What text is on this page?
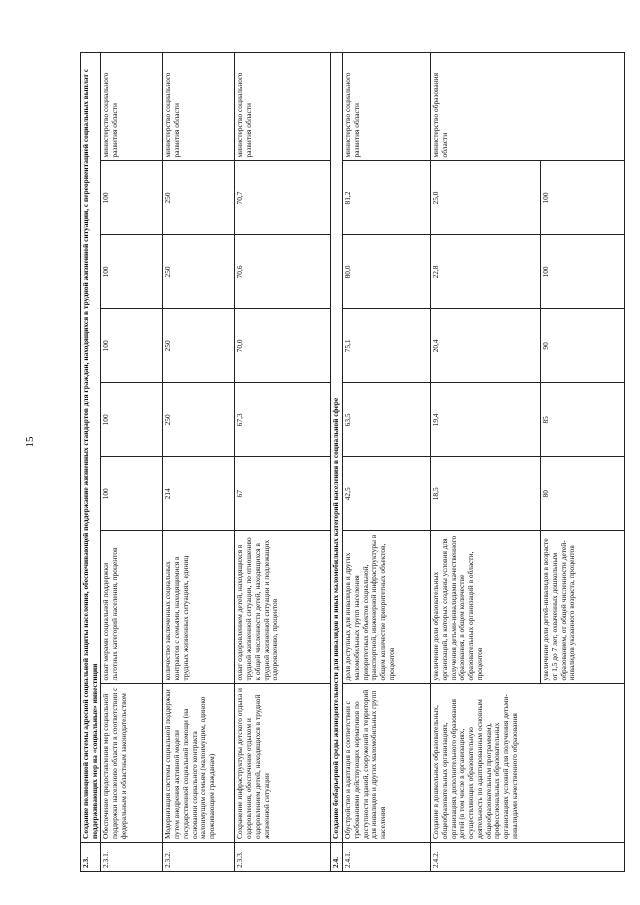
15
2.3.	Создание полноценной системы адресной социальной защиты населения, обеспечивающей поддержание жизненных стандартов для граждан, находящихся в трудной жизненной ситуации, с переориентацией социальных выплат с поддерживающих мер на «социальные» инвестиции							
2.3.1.	Обеспечение предоставления мер социальной поддержки населению области в соответствии с федеральным и областным законодательством	охват мерами социальной поддержки льготных категорий населения, процентов	100	100	100	100	100	министерство социального развития области
2.3.2.	Модернизация системы социальной поддержки путем внедрения активной модели государственной социальной помощи (на основании социального контракта малоимущим семьям (малоимущим, одиноко проживающим гражданам)	количество заключенных социальных контрактов с семьями, находящимися в трудных жизненных ситуациях, единиц	214	250	250	250	250	министерство социального развития области
2.3.3.	Сохранение инфраструктуры детского отдыха и оздоровления, обеспечение отдыхом и оздоровлением детей, находящихся в трудной жизненной ситуации	охват оздоровлением детей, находящихся в трудной жизненной ситуации, по отношению к общей численности детей, находящихся в трудной жизненной ситуации и подлежащих оздоровлению, процентов	67	67,3	70,0	70,6	70,7	министерство социального развития области
2.4.	Создание безбарьерной среды жизнедеятельности для инвалидов и иных маломобильных категорий населения в социальной сфере							
2.4.1.	Обустройство и адаптация в соответствии с требованиями действующих нормативов по доступности зданий, сооружений и территорий для инвалидов и других маломобильных групп населения	доля доступных для инвалидов и других маломобильных групп населения приоритетных объектов социальной, транспортной, инженерной инфраструктуры в общем количестве приоритетных объектов, процентов	42,5	63,5	75,1	80,0	81,2	министерство социального развития области
2.4.2.	Создание в дошкольных образовательных, общеобразовательных организациях, организациях дополнительного образования детей (в том числе в организациях, осуществляющих образовательную деятельность по адаптированным основным общеобразовательным программам), профессиональных образовательных организациях условий для получения детьми-инвалидами качественного образования	увеличение доли образовательных организаций, в которых созданы условия для получения детьми-инвалидами качественного образования, в общем количестве образовательных организаций в области, процентов	18,5	19,4	20,4	22,8	25,0	министерство образования области
		увеличение доли детей-инвалидов в возрасте от 1,5 до 7 лет, охваченных дошкольным образованием, от общей численности детей-инвалидов указанного возраста, процентов	80	85	90	100	100	
